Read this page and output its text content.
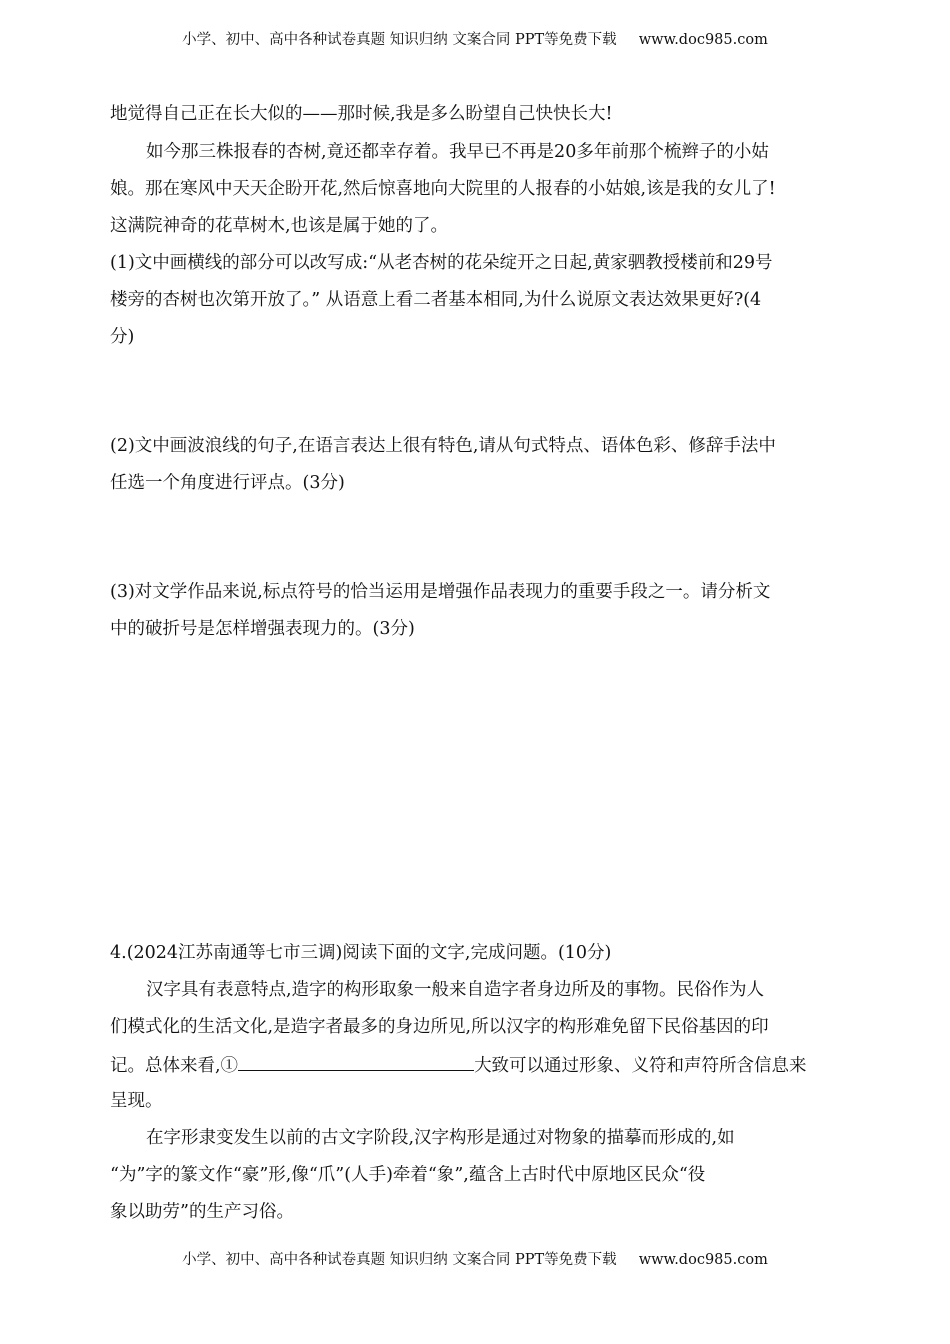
小学、初中、高中各种试卷真题 知识归纳 文案合同 PPT等免费下载 www.doc985.com
地觉得自己正在长大似的——那时候,我是多么盼望自己快快长大!
如今那三株报春的杏树,竟还都幸存着。我早已不再是20多年前那个梳辫子的小姑
娘。那在寒风中天天企盼开花,然后惊喜地向大院里的人报春的小姑娘,该是我的女儿了!
这满院神奇的花草树木,也该是属于她的了。
(1)文中画横线的部分可以改写成:“从老杏树的花朵绽开之日起,黄家驷教授楼前和29号
楼旁的杏树也次第开放了。” 从语意上看二者基本相同,为什么说原文表达效果更好?(4
分)
(2)文中画波浪线的句子,在语言表达上很有特色,请从句式特点、语体色彩、修辞手法中
任选一个角度进行评点。(3分)
(3)对文学作品来说,标点符号的恰当运用是增强作品表现力的重要手段之一。请分析文
中的破折号是怎样增强表现力的。(3分)
4.(2024江苏南通等七市三调)阅读下面的文字,完成问题。(10分)
汉字具有表意特点,造字的构形取象一般来自造字者身边所及的事物。民俗作为人
们模式化的生活文化,是造字者最多的身边所见,所以汉字的构形难免留下民俗基因的印
记。总体来看,①	大致可以通过形象、义符和声符所含信息来
呈现。
在字形隶变发生以前的古文字阶段,汉字构形是通过对物象的描摹而形成的,如
“为”字的篆文作“豪”形,像“爪”(人手)牵着“象”,蕴含上古时代中原地区民众“役
象以助劳”的生产习俗。
小学、初中、高中各种试卷真题 知识归纳 文案合同 PPT等免费下载 www.doc985.com
